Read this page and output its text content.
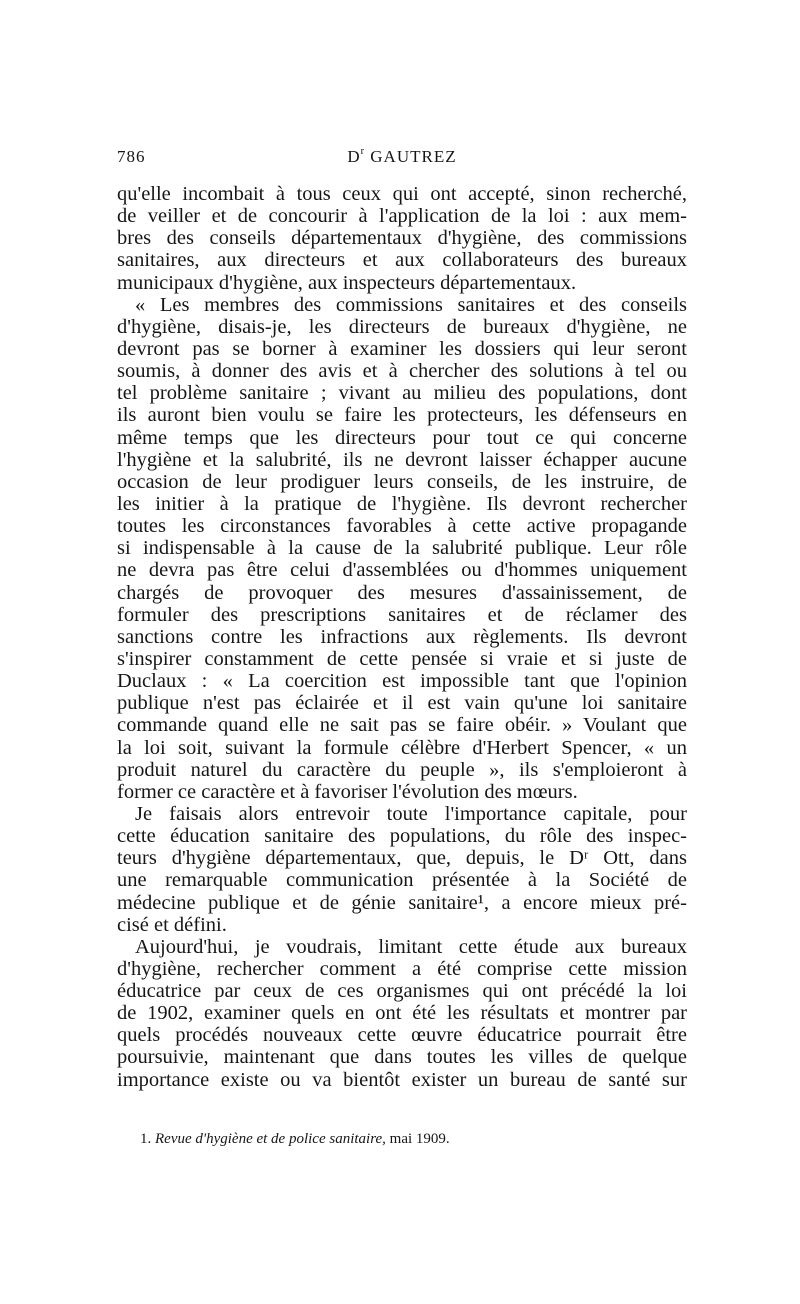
786	$D^r$ GAUTREZ
qu'elle incombait à tous ceux qui ont accepté, sinon recherché,
de veiller et de concourir à l'application de la loi : aux mem-
bres des conseils départementaux d'hygiène, des commissions
sanitaires, aux directeurs et aux collaborateurs des bureaux
municipaux d'hygiène, aux inspecteurs départementaux.
« Les membres des commissions sanitaires et des conseils
d'hygiène, disais-je, les directeurs de bureaux d'hygiène, ne
devront pas se borner à examiner les dossiers qui leur seront
soumis, à donner des avis et à chercher des solutions à tel ou
tel problème sanitaire ; vivant au milieu des populations, dont
ils auront bien voulu se faire les protecteurs, les défenseurs en
même temps que les directeurs pour tout ce qui concerne
l'hygiène et la salubrité, ils ne devront laisser échapper aucune
occasion de leur prodiguer leurs conseils, de les instruire, de
les initier à la pratique de l'hygiène. Ils devront rechercher
toutes les circonstances favorables à cette active propagande
si indispensable à la cause de la salubrité publique. Leur rôle
ne devra pas être celui d'assemblées ou d'hommes uniquement
chargés de provoquer des mesures d'assainissement, de
formuler des prescriptions sanitaires et de réclamer des
sanctions contre les infractions aux règlements. Ils devront
s'inspirer constamment de cette pensée si vraie et si juste de
Duclaux : « La coercition est impossible tant que l'opinion
publique n'est pas éclairée et il est vain qu'une loi sanitaire
commande quand elle ne sait pas se faire obéir. » Voulant que
la loi soit, suivant la formule célèbre d'Herbert Spencer, « un
produit naturel du caractère du peuple », ils s'emploieront à
former ce caractère et à favoriser l'évolution des mœurs.
Je faisais alors entrevoir toute l'importance capitale, pour
cette éducation sanitaire des populations, du rôle des inspec-
teurs d'hygiène départementaux, que, depuis, le Dʳ Ott, dans
une remarquable communication présentée à la Société de
médecine publique et de génie sanitaire¹, a encore mieux pré-
cisé et défini.
Aujourd'hui, je voudrais, limitant cette étude aux bureaux
d'hygiène, rechercher comment a été comprise cette mission
éducatrice par ceux de ces organismes qui ont précédé la loi
de 1902, examiner quels en ont été les résultats et montrer par
quels procédés nouveaux cette œuvre éducatrice pourrait être
poursuivie, maintenant que dans toutes les villes de quelque
importance existe ou va bientôt exister un bureau de santé sur
1. Revue d'hygiène et de police sanitaire, mai 1909.
